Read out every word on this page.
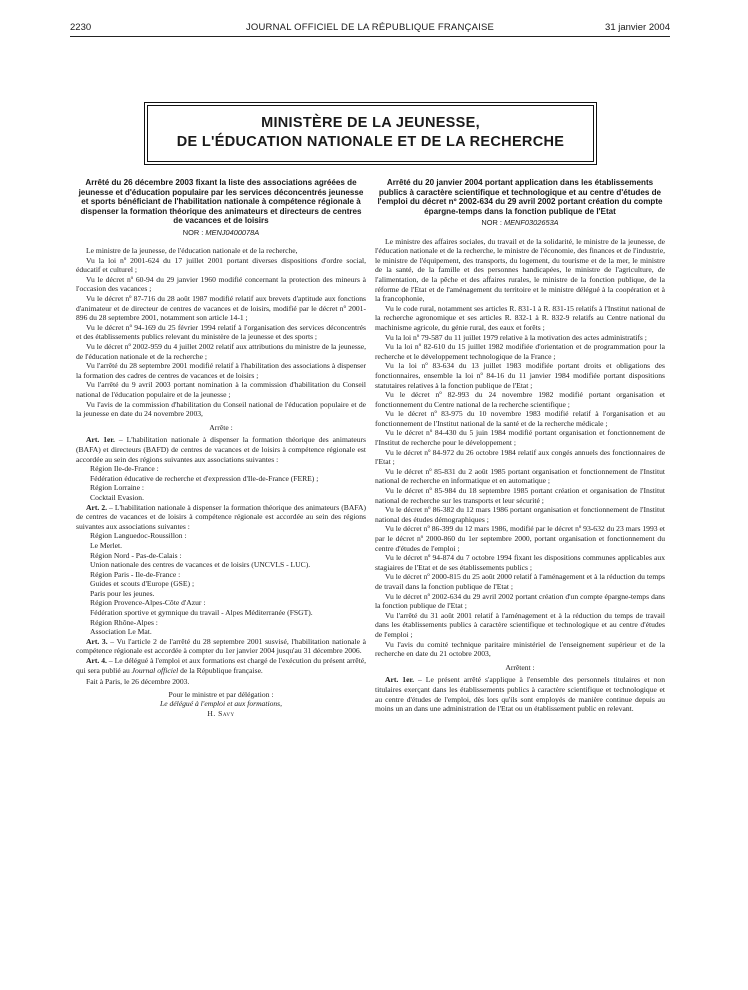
2230	JOURNAL OFFICIEL DE LA RÉPUBLIQUE FRANÇAISE	31 janvier 2004
MINISTÈRE DE LA JEUNESSE,
DE L'ÉDUCATION NATIONALE ET DE LA RECHERCHE
Arrêté du 26 décembre 2003 fixant la liste des associations agréées de jeunesse et d'éducation populaire par les services déconcentrés jeunesse et sports bénéficiant de l'habilitation nationale à compétence régionale à dispenser la formation théorique des animateurs et directeurs de centres de vacances et de loisirs
NOR : MENJ0400078A
Le ministre de la jeunesse, de l'éducation nationale et de la recherche,
Vu la loi nº 2001-624 du 17 juillet 2001 portant diverses dispositions d'ordre social, éducatif et culturel ;
Vu le décret nº 60-94 du 29 janvier 1960 modifié concernant la protection des mineurs à l'occasion des vacances ;
Vu le décret nº 87-716 du 28 août 1987 modifié relatif aux brevets d'aptitude aux fonctions d'animateur et de directeur de centres de vacances et de loisirs, modifié par le décret nº 2001-896 du 28 septembre 2001, notamment son article 14-1 ;
Vu le décret nº 94-169 du 25 février 1994 relatif à l'organisation des services déconcentrés et des établissements publics relevant du ministère de la jeunesse et des sports ;
Vu le décret nº 2002-959 du 4 juillet 2002 relatif aux attributions du ministre de la jeunesse, de l'éducation nationale et de la recherche ;
Vu l'arrêté du 28 septembre 2001 modifié relatif à l'habilitation des associations à dispenser la formation des cadres de centres de vacances et de loisirs ;
Vu l'arrêté du 9 avril 2003 portant nomination à la commission d'habilitation du Conseil national de l'éducation populaire et de la jeunesse ;
Vu l'avis de la commission d'habilitation du Conseil national de l'éducation populaire et de la jeunesse en date du 24 novembre 2003,
Arrête :
Art. 1er. – L'habilitation nationale à dispenser la formation théorique des animateurs (BAFA) et directeurs (BAFD) de centres de vacances et de loisirs à compétence régionale est accordée au sein des régions suivantes aux associations suivantes :
Région Ile-de-France :
Fédération éducative de recherche et d'expression d'Ile-de-France (FERE) ;
Région Lorraine :
Cocktail Evasion.
Art. 2. – L'habilitation nationale à dispenser la formation théorique des animateurs (BAFA) de centres de vacances et de loisirs à compétence régionale est accordée au sein des régions suivantes aux associations suivantes :
Région Languedoc-Roussillon :
Le Merlet.
Région Nord - Pas-de-Calais :
Union nationale des centres de vacances et de loisirs (UNCVLS - LUC).
Région Paris - Ile-de-France :
Guides et scouts d'Europe (GSE) ;
Paris pour les jeunes.
Région Provence-Alpes-Côte d'Azur :
Fédération sportive et gymnique du travail - Alpes Méditerranée (FSGT).
Région Rhône-Alpes :
Association Le Mat.
Art. 3. – Vu l'article 2 de l'arrêté du 28 septembre 2001 susvisé, l'habilitation nationale à compétence régionale est accordée à compter du 1er janvier 2004 jusqu'au 31 décembre 2006.
Art. 4. – Le délégué à l'emploi et aux formations est chargé de l'exécution du présent arrêté, qui sera publié au Journal officiel de la République française.
Fait à Paris, le 26 décembre 2003.
Pour le ministre et par délégation :
Le délégué à l'emploi et aux formations,
H. Savy
Arrêté du 20 janvier 2004 portant application dans les établissements publics à caractère scientifique et technologique et au centre d'études de l'emploi du décret nº 2002-634 du 29 avril 2002 portant création du compte épargne-temps dans la fonction publique de l'Etat
NOR : MENF0302653A
Le ministre des affaires sociales, du travail et de la solidarité, le ministre de la jeunesse, de l'éducation nationale et de la recherche, le ministre de l'économie, des finances et de l'industrie, le ministre de l'équipement, des transports, du logement, du tourisme et de la mer, le ministre de la santé, de la famille et des personnes handicapées, le ministre de l'agriculture, de l'alimentation, de la pêche et des affaires rurales, le ministre de la fonction publique, de la réforme de l'Etat et de l'aménagement du territoire et le ministre délégué à la coopération et à la francophonie,
Vu le code rural, notamment ses articles R. 831-1 à R. 831-15 relatifs à l'Institut national de la recherche agronomique et ses articles R. 832-1 à R. 832-9 relatifs au Centre national du machinisme agricole, du génie rural, des eaux et forêts ;
Vu la loi nº 79-587 du 11 juillet 1979 relative à la motivation des actes administratifs ;
Vu la loi nº 82-610 du 15 juillet 1982 modifiée d'orientation et de programmation pour la recherche et le développement technologique de la France ;
Vu la loi nº 83-634 du 13 juillet 1983 modifiée portant droits et obligations des fonctionnaires, ensemble la loi nº 84-16 du 11 janvier 1984 modifiée portant dispositions statutaires relatives à la fonction publique de l'Etat ;
Vu le décret nº 82-993 du 24 novembre 1982 modifié portant organisation et fonctionnement du Centre national de la recherche scientifique ;
Vu le décret nº 83-975 du 10 novembre 1983 modifié relatif à l'organisation et au fonctionnement de l'Institut national de la santé et de la recherche médicale ;
Vu le décret nº 84-430 du 5 juin 1984 modifié portant organisation et fonctionnement de l'Institut de recherche pour le développement ;
Vu le décret nº 84-972 du 26 octobre 1984 relatif aux congés annuels des fonctionnaires de l'Etat ;
Vu le décret nº 85-831 du 2 août 1985 portant organisation et fonctionnement de l'Institut national de recherche en informatique et en automatique ;
Vu le décret nº 85-984 du 18 septembre 1985 portant création et organisation de l'Institut national de recherche sur les transports et leur sécurité ;
Vu le décret nº 86-382 du 12 mars 1986 portant organisation et fonctionnement de l'Institut national des études démographiques ;
Vu le décret nº 86-399 du 12 mars 1986, modifié par le décret nº 93-632 du 23 mars 1993 et par le décret nº 2000-860 du 1er septembre 2000, portant organisation et fonctionnement du centre d'études de l'emploi ;
Vu le décret nº 94-874 du 7 octobre 1994 fixant les dispositions communes applicables aux stagiaires de l'Etat et de ses établissements publics ;
Vu le décret nº 2000-815 du 25 août 2000 relatif à l'aménagement et à la réduction du temps de travail dans la fonction publique de l'Etat ;
Vu le décret nº 2002-634 du 29 avril 2002 portant création d'un compte épargne-temps dans la fonction publique de l'Etat ;
Vu l'arrêté du 31 août 2001 relatif à l'aménagement et à la réduction du temps de travail dans les établissements publics à caractère scientifique et technologique et au centre d'études de l'emploi ;
Vu l'avis du comité technique paritaire ministériel de l'enseignement supérieur et de la recherche en date du 21 octobre 2003,
Arrêtent :
Art. 1er. – Le présent arrêté s'applique à l'ensemble des personnels titulaires et non titulaires exerçant dans les établissements publics à caractère scientifique et technologique et au centre d'études de l'emploi, dès lors qu'ils sont employés de manière continue depuis au moins un an dans une administration de l'Etat ou un établissement public en relevant.
